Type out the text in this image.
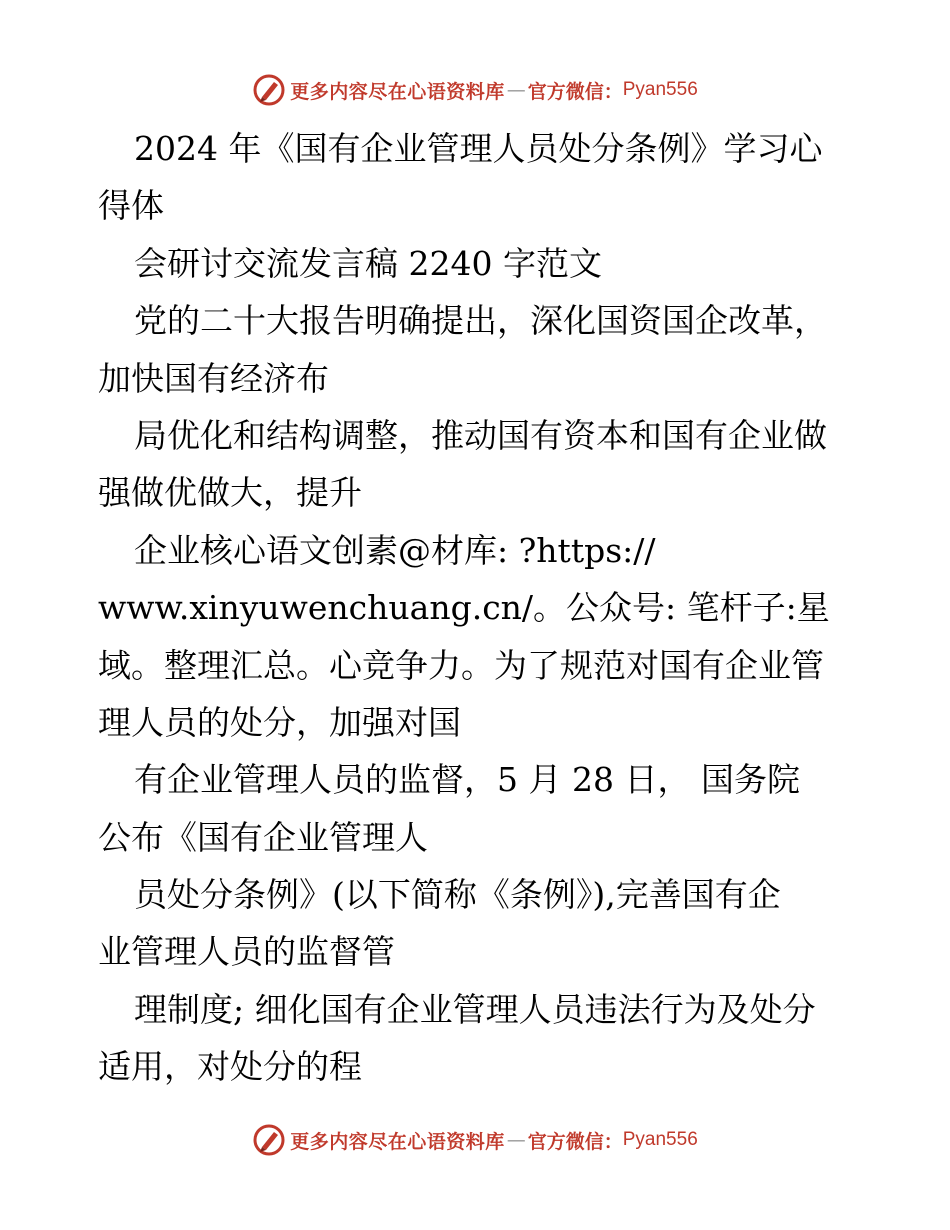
更多内容尽在心语资料库 — 官方微信： Pyan556
2024 年《国有企业管理人员处分条例》学习心
得体
会研讨交流发言稿 2240 字范文
党的二十大报告明确提出，深化国资国企改革，
加快国有经济布
局优化和结构调整，推动国有资本和国有企业做
强做优做大，提升
企业核心语文创素@材库: ?https://
www.xinyuwenchuang.cn/。公众号: 笔杆子:星
域。整理汇总。心竞争力。为了规范对国有企业管
理人员的处分，加强对国
有企业管理人员的监督，5 月 28 日， 国务院
公布《国有企业管理人
员处分条例》(以下简称《条例》),完善国有企
业管理人员的监督管
理制度; 细化国有企业管理人员违法行为及处分
适用，对处分的程
更多内容尽在心语资料库 — 官方微信： Pyan556
